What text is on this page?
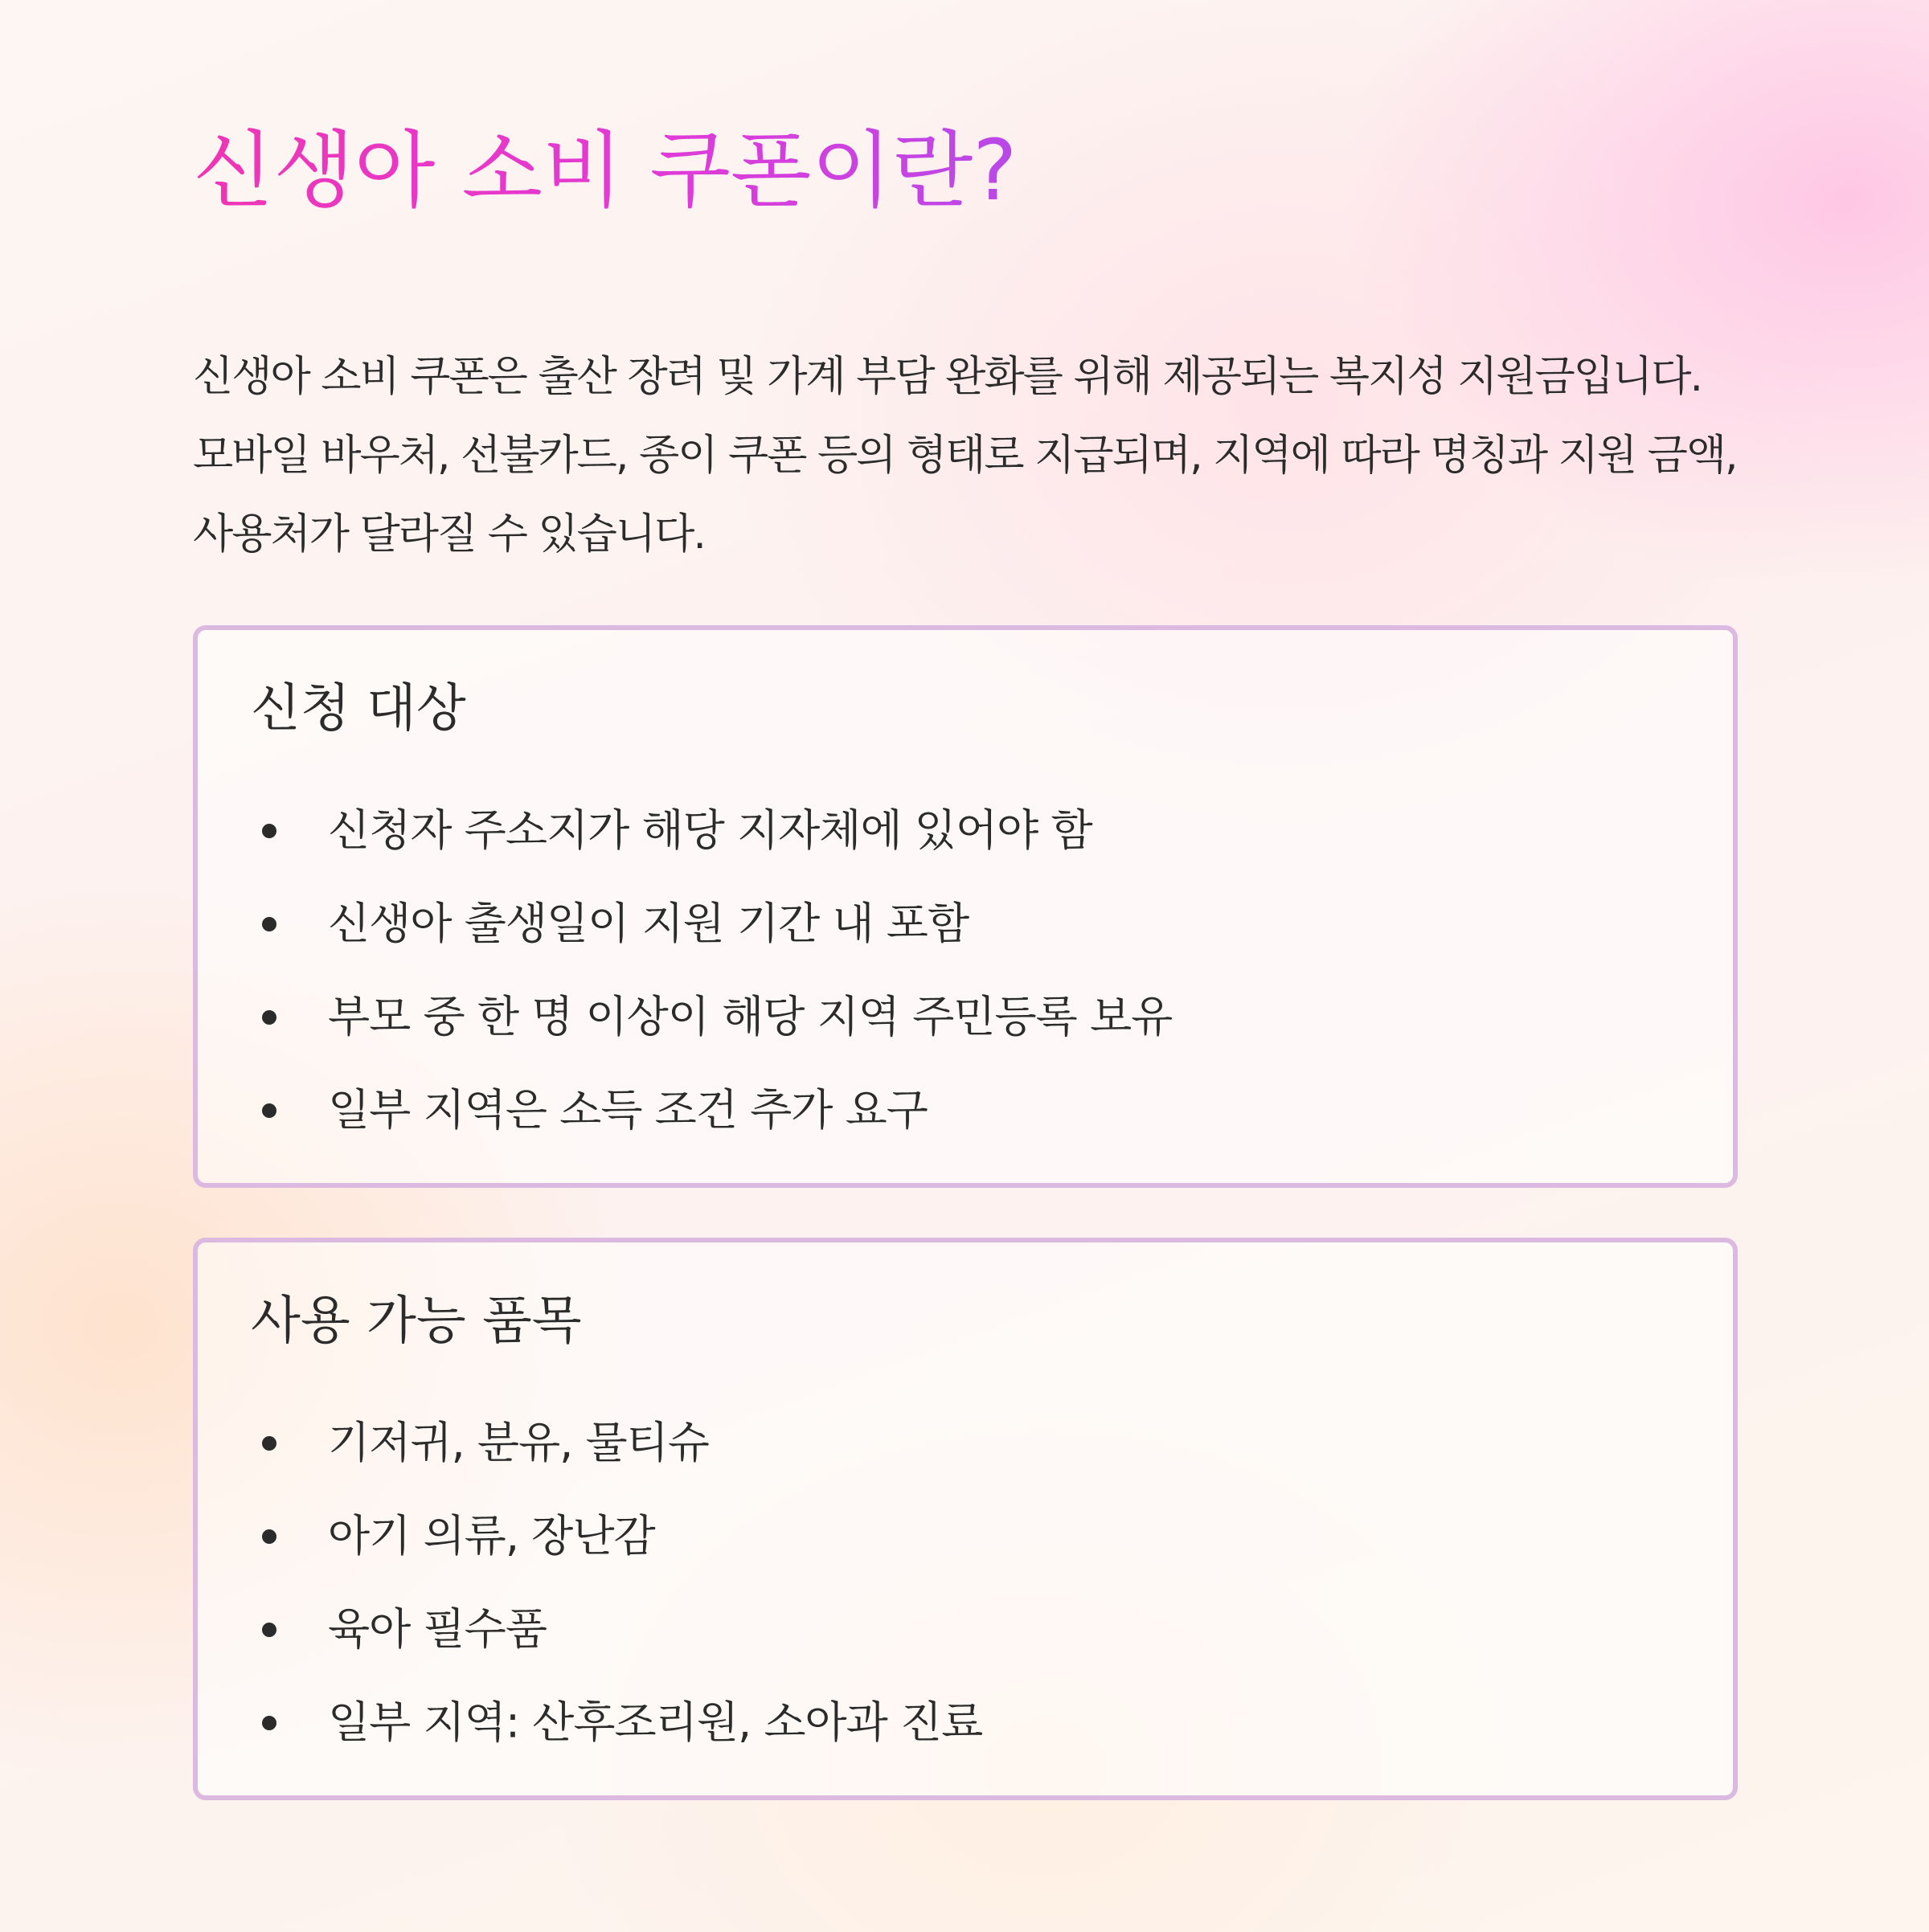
신생아 소비 쿠폰이란?

신생아 소비 쿠폰은 출산 장려 및 가계 부담 완화를 위해 제공되는 복지성 지원금입니다. 모바일 바우처, 선불카드, 종이 쿠폰 등의 형태로 지급되며, 지역에 따라 명칭과 지원 금액, 사용처가 달라질 수 있습니다.

신청 대상
신청자 주소지가 해당 지자체에 있어야 함
신생아 출생일이 지원 기간 내 포함
부모 중 한 명 이상이 해당 지역 주민등록 보유
일부 지역은 소득 조건 추가 요구
사용 가능 품목
기저귀, 분유, 물티슈
아기 의류, 장난감
육아 필수품
일부 지역: 산후조리원, 소아과 진료
